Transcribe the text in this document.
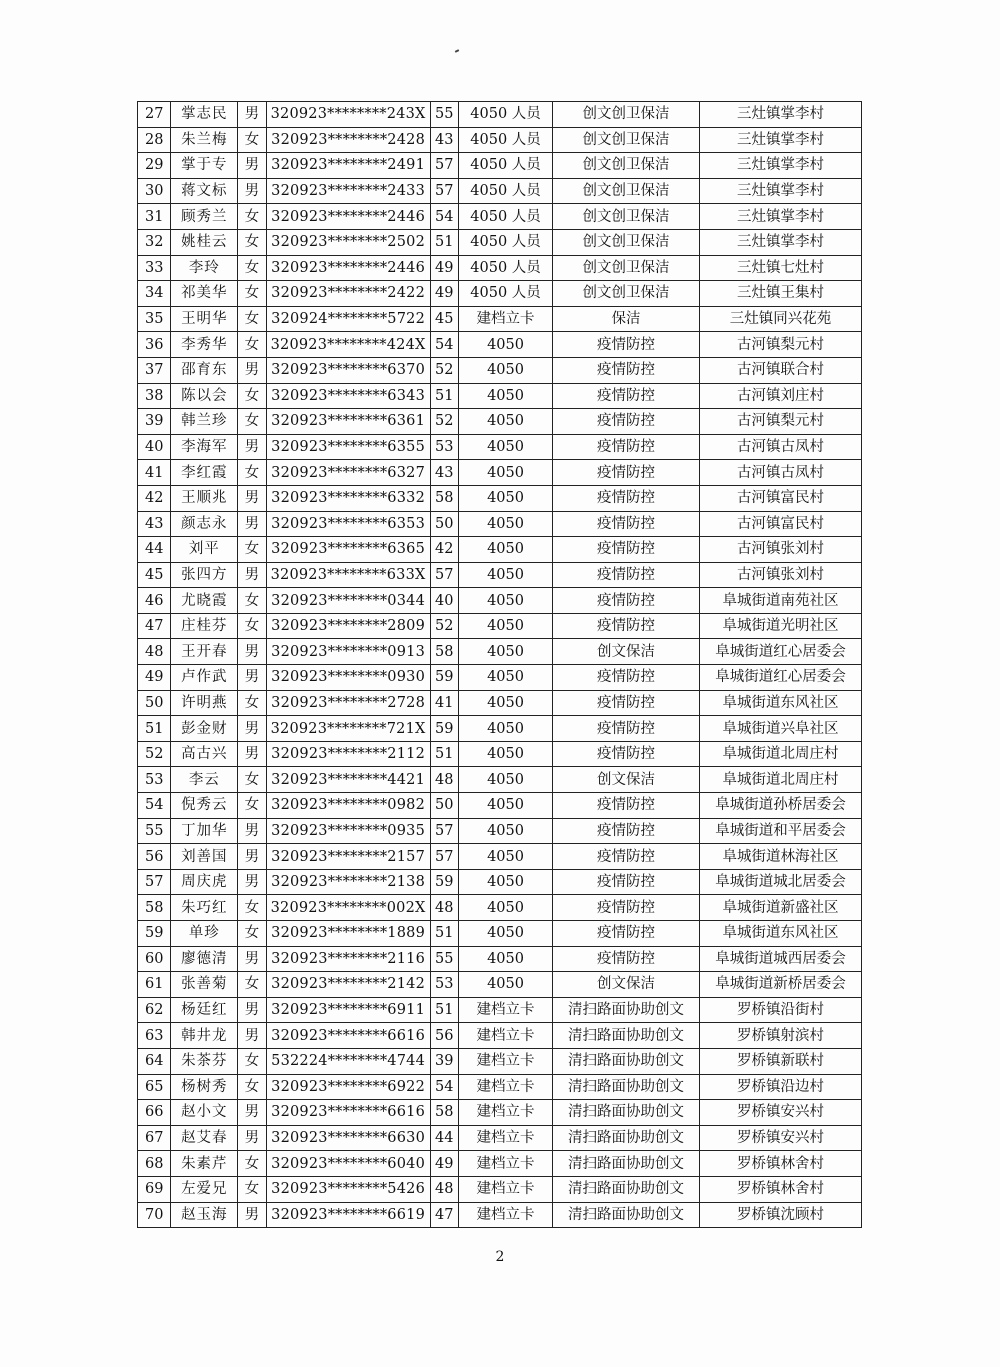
27	掌志民	男	320923********243X	55	4050 人员	创文创卫保洁	三灶镇掌李村
28	朱兰梅	女	320923********2428	43	4050 人员	创文创卫保洁	三灶镇掌李村
29	掌于专	男	320923********2491	57	4050 人员	创文创卫保洁	三灶镇掌李村
30	蒋文标	男	320923********2433	57	4050 人员	创文创卫保洁	三灶镇掌李村
31	顾秀兰	女	320923********2446	54	4050 人员	创文创卫保洁	三灶镇掌李村
32	姚桂云	女	320923********2502	51	4050 人员	创文创卫保洁	三灶镇掌李村
33	李玲	女	320923********2446	49	4050 人员	创文创卫保洁	三灶镇七灶村
34	祁美华	女	320923********2422	49	4050 人员	创文创卫保洁	三灶镇王集村
35	王明华	女	320924********5722	45	建档立卡	保洁	三灶镇同兴花苑
36	李秀华	女	320923********424X	54	4050	疫情防控	古河镇梨元村
37	邵育东	男	320923********6370	52	4050	疫情防控	古河镇联合村
38	陈以会	女	320923********6343	51	4050	疫情防控	古河镇刘庄村
39	韩兰珍	女	320923********6361	52	4050	疫情防控	古河镇梨元村
40	李海军	男	320923********6355	53	4050	疫情防控	古河镇古凤村
41	李红霞	女	320923********6327	43	4050	疫情防控	古河镇古凤村
42	王顺兆	男	320923********6332	58	4050	疫情防控	古河镇富民村
43	颜志永	男	320923********6353	50	4050	疫情防控	古河镇富民村
44	刘平	女	320923********6365	42	4050	疫情防控	古河镇张刘村
45	张四方	男	320923********633X	57	4050	疫情防控	古河镇张刘村
46	尤晓霞	女	320923********0344	40	4050	疫情防控	阜城街道南苑社区
47	庄桂芬	女	320923********2809	52	4050	疫情防控	阜城街道光明社区
48	王开春	男	320923********0913	58	4050	创文保洁	阜城街道红心居委会
49	卢作武	男	320923********0930	59	4050	疫情防控	阜城街道红心居委会
50	许明燕	女	320923********2728	41	4050	疫情防控	阜城街道东风社区
51	彭金财	男	320923********721X	59	4050	疫情防控	阜城街道兴阜社区
52	高古兴	男	320923********2112	51	4050	疫情防控	阜城街道北周庄村
53	李云	女	320923********4421	48	4050	创文保洁	阜城街道北周庄村
54	倪秀云	女	320923********0982	50	4050	疫情防控	阜城街道孙桥居委会
55	丁加华	男	320923********0935	57	4050	疫情防控	阜城街道和平居委会
56	刘善国	男	320923********2157	57	4050	疫情防控	阜城街道林海社区
57	周庆虎	男	320923********2138	59	4050	疫情防控	阜城街道城北居委会
58	朱巧红	女	320923********002X	48	4050	疫情防控	阜城街道新盛社区
59	单珍	女	320923********1889	51	4050	疫情防控	阜城街道东风社区
60	廖德清	男	320923********2116	55	4050	疫情防控	阜城街道城西居委会
61	张善菊	女	320923********2142	53	4050	创文保洁	阜城街道新桥居委会
62	杨廷红	男	320923********6911	51	建档立卡	清扫路面协助创文	罗桥镇沿街村
63	韩井龙	男	320923********6616	56	建档立卡	清扫路面协助创文	罗桥镇射滨村
64	朱茶芬	女	532224********4744	39	建档立卡	清扫路面协助创文	罗桥镇新联村
65	杨树秀	女	320923********6922	54	建档立卡	清扫路面协助创文	罗桥镇沿边村
66	赵小文	男	320923********6616	58	建档立卡	清扫路面协助创文	罗桥镇安兴村
67	赵艾春	男	320923********6630	44	建档立卡	清扫路面协助创文	罗桥镇安兴村
68	朱素芹	女	320923********6040	49	建档立卡	清扫路面协助创文	罗桥镇林舍村
69	左爱兄	女	320923********5426	48	建档立卡	清扫路面协助创文	罗桥镇林舍村
70	赵玉海	男	320923********6619	47	建档立卡	清扫路面协助创文	罗桥镇沈顾村
2
